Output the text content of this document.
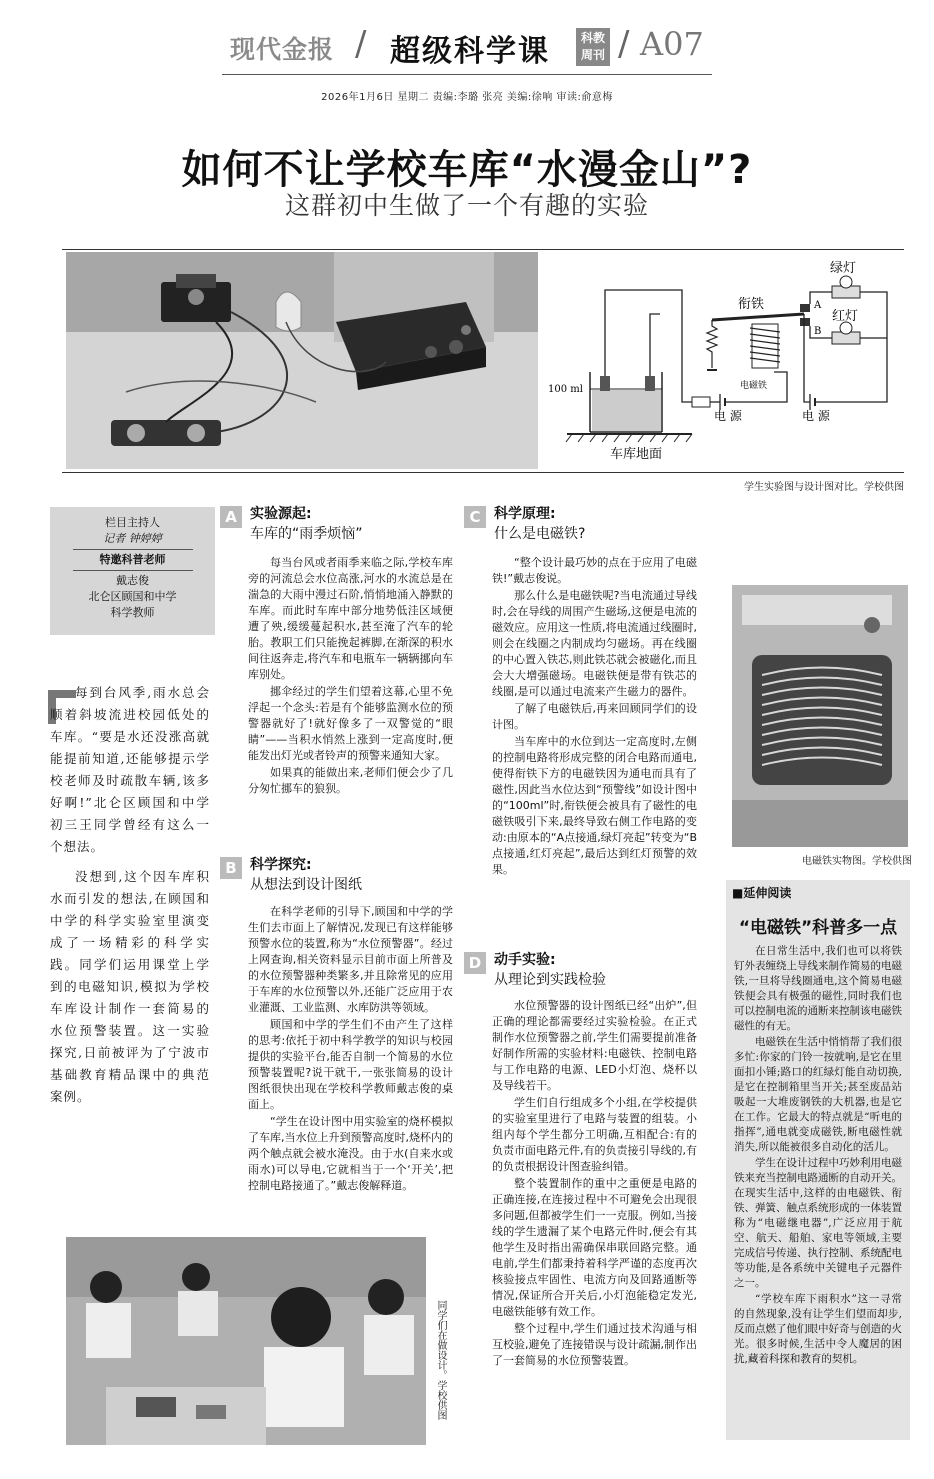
现代金报 / 超级科学课	科教周刊 / A07
2026年1月6日 星期二 责编:李璐 张亮 美编:徐响 审读:俞意梅
如何不让学校车库“水漫金山”?
这群初中生做了一个有趣的实验
100 ml
车库地面
电 源
电磁铁
衔铁	A
B
电 源
绿灯
红灯
学生实验图与设计图对比。学校供图
栏目主持人
记者 钟婷婷
特邀科普老师
戴志俊
北仑区顾国和中学
科学教师

每到台风季,雨水总会顺着斜坡流进校园低处的车库。“要是水还没涨高就能提前知道,还能够提示学校老师及时疏散车辆,该多好啊!”北仑区顾国和中学初三王同学曾经有这么一个想法。

没想到,这个因车库积水而引发的想法,在顾国和中学的科学实验室里演变成了一场精彩的科学实践。同学们运用课堂上学到的电磁知识,模拟为学校车库设计制作一套简易的水位预警装置。这一实验探究,日前被评为了宁波市基础教育精品课中的典范案例。

A 实验源起:
车库的“雨季烦恼”

每当台风或者雨季来临之际,学校车库旁的河流总会水位高涨,河水的水流总是在湍急的大雨中漫过石阶,悄悄地涌入静默的车库。而此时车库中部分地势低洼区域便遭了殃,缓缓蔓起积水,甚至淹了汽车的轮胎。教职工们只能挽起裤脚,在渐深的积水间往返奔走,将汽车和电瓶车一辆辆挪向车库别处。

挪伞经过的学生们望着这幕,心里不免浮起一个念头:若是有个能够监测水位的预警器就好了!就好像多了一双警觉的“眼睛”——当积水悄然上涨到一定高度时,便能发出灯光或者铃声的预警来通知大家。

如果真的能做出来,老师们便会少了几分匆忙挪车的狼狈。

B 科学探究:
从想法到设计图纸

在科学老师的引导下,顾国和中学的学生们去市面上了解情况,发现已有这样能够预警水位的装置,称为“水位预警器”。经过上网查询,相关资料显示目前市面上所普及的水位预警器种类繁多,并且除常见的应用于车库的水位预警以外,还能广泛应用于农业灌溉、工业监测、水库防洪等领域。

顾国和中学的学生们不由产生了这样的思考:依托于初中科学教学的知识与校园提供的实验平台,能否自制一个简易的水位预警装置呢?说干就干,一张张简易的设计图纸很快出现在学校科学教师戴志俊的桌面上。

“学生在设计图中用实验室的烧杯模拟了车库,当水位上升到预警高度时,烧杯内的两个触点就会被水淹没。由于水(自来水或雨水)可以导电,它就相当于一个‘开关’,把控制电路接通了。”戴志俊解释道。

C 科学原理:
什么是电磁铁?

“整个设计最巧妙的点在于应用了电磁铁!”戴志俊说。

那么什么是电磁铁呢?当电流通过导线时,会在导线的周围产生磁场,这便是电流的磁效应。应用这一性质,将电流通过线圈时,则会在线圈之内制成均匀磁场。再在线圈的中心置入铁芯,则此铁芯就会被磁化,而且会大大增强磁场。电磁铁便是带有铁芯的线圈,是可以通过电流来产生磁力的器件。

了解了电磁铁后,再来回顾同学们的设计图。

当车库中的水位到达一定高度时,左侧的控制电路将形成完整的闭合电路而通电,使得衔铁下方的电磁铁因为通电而具有了磁性,因此当水位达到“预警线”如设计图中的“100ml”时,衔铁便会被具有了磁性的电磁铁吸引下来,最终导致右侧工作电路的变动:由原本的“A点接通,绿灯亮起”转变为“B点接通,红灯亮起”,最后达到红灯预警的效果。

D 动手实验:
从理论到实践检验

水位预警器的设计图纸已经“出炉”,但正确的理论都需要经过实验检验。在正式制作水位预警器之前,学生们需要提前准备好制作所需的实验材料:电磁铁、控制电路与工作电路的电源、LED小灯泡、烧杯以及导线若干。

学生们自行组成多个小组,在学校提供的实验室里进行了电路与装置的组装。小组内每个学生都分工明确,互相配合:有的负责市面电路元件,有的负责接引导线的,有的负责根据设计图查验纠错。

整个装置制作的重中之重便是电路的正确连接,在连接过程中不可避免会出现很多问题,但都被学生们一一克服。例如,当接线的学生遗漏了某个电路元件时,便会有其他学生及时指出需确保串联回路完整。通电前,学生们都秉持着科学严谨的态度再次核验接点牢固性、电流方向及回路通断等情况,保证所合开关后,小灯泡能稳定发光,电磁铁能够有效工作。

整个过程中,学生们通过技术沟通与相互校验,避免了连接错误与设计疏漏,制作出了一套简易的水位预警装置。

电磁铁实物图。学校供图
■延伸阅读
“电磁铁”科普多一点

在日常生活中,我们也可以将铁钉外表缠绕上导线来制作简易的电磁铁,一旦将导线圈通电,这个简易电磁铁便会具有极强的磁性,同时我们也可以控制电流的通断来控制该电磁铁磁性的有无。

电磁铁在生活中悄悄帮了我们很多忙:你家的门铃一按就响,是它在里面扣小锤;路口的红绿灯能自动切换,是它在控制箱里当开关;甚至废品站吸起一大堆废钢铁的大机器,也是它在工作。它最大的特点就是“听电的指挥”,通电就变成磁铁,断电磁性就消失,所以能被很多自动化的活儿。

学生在设计过程中巧妙利用电磁铁来充当控制电路通断的自动开关。在现实生活中,这样的由电磁铁、衔铁、弹簧、触点系统形成的一体装置称为“电磁继电器”,广泛应用于航空、航天、船舶、家电等领域,主要完成信号传递、执行控制、系统配电等功能,是各系统中关键电子元器件之一。

“学校车库下雨积水”这一寻常的自然现象,没有让学生们望而却步,反而点燃了他们眼中好奇与创造的火光。很多时候,生活中令人魔居的困扰,藏着科探和教育的契机。

同学们在做设计。学校供图
